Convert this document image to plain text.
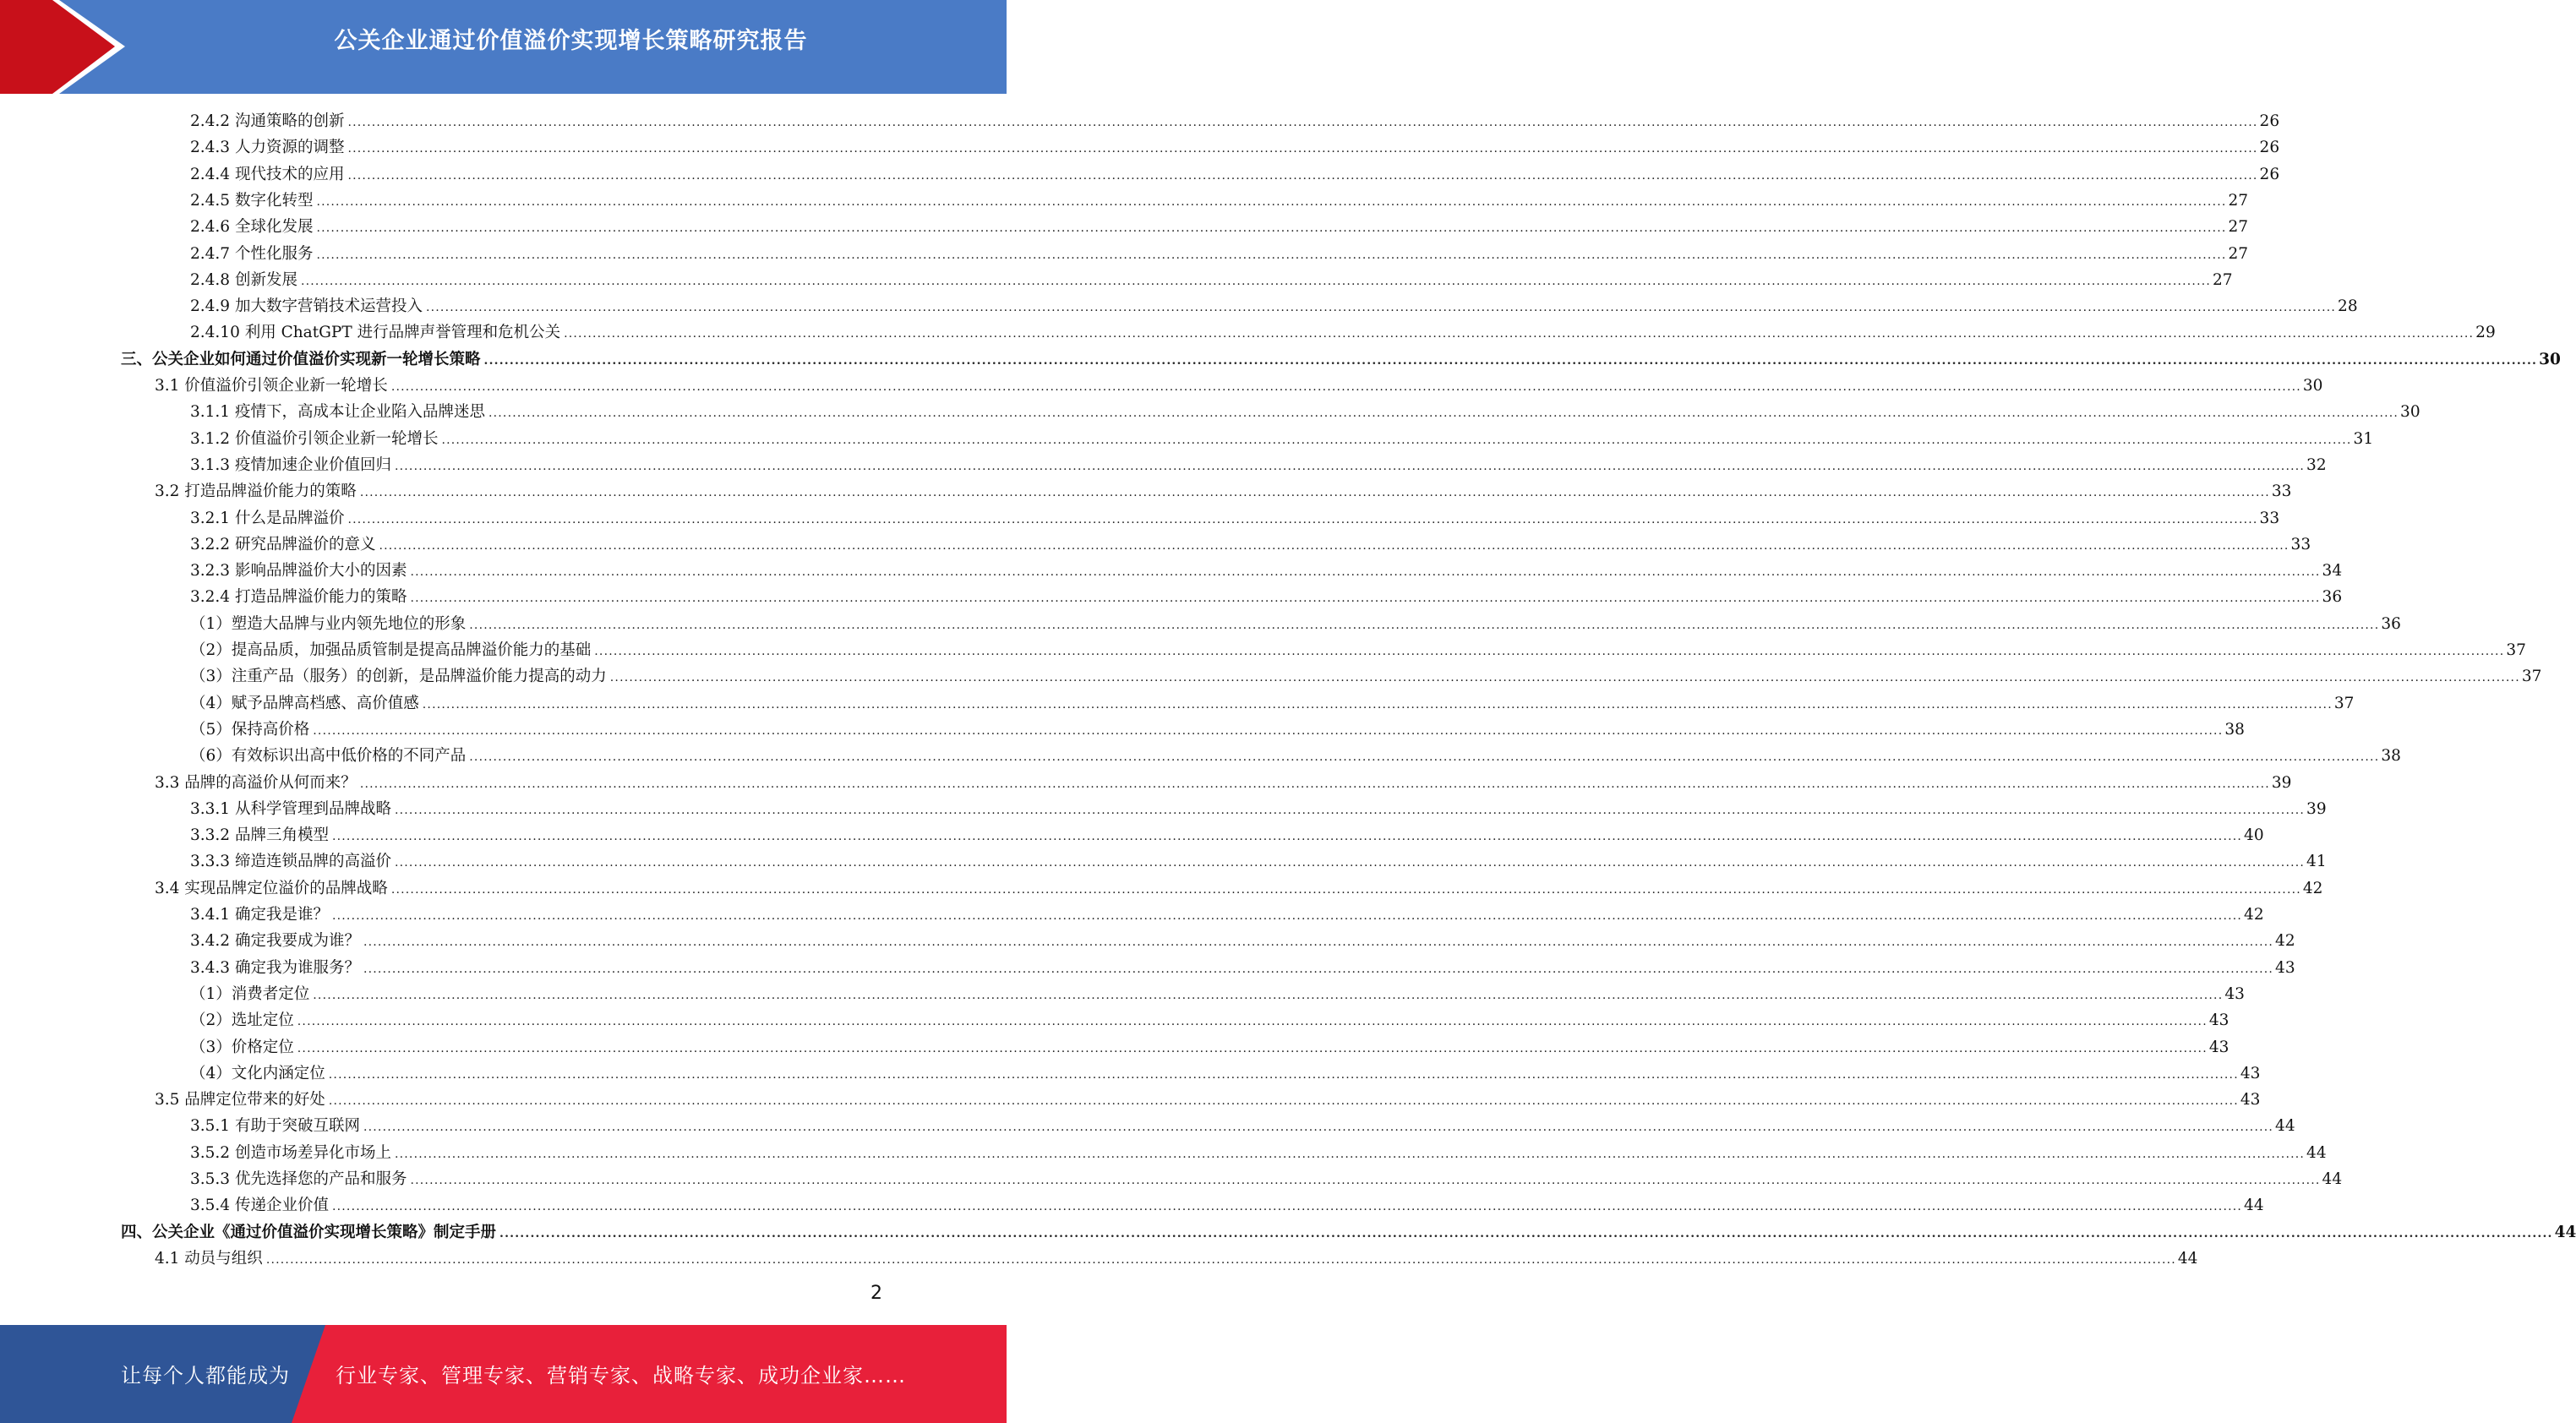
公关企业通过价值溢价实现增长策略研究报告
2.4.2 沟通策略的创新 ................................................................................................................................................................................................................................................................................................................................................................................................................ 26
2.4.3 人力资源的调整 ................................................................................................................................................................................................................................................................................................................................................................................................................ 26
2.4.4 现代技术的应用 ................................................................................................................................................................................................................................................................................................................................................................................................................ 26
2.4.5 数字化转型 ................................................................................................................................................................................................................................................................................................................................................................................................................ 27
2.4.6 全球化发展 ................................................................................................................................................................................................................................................................................................................................................................................................................ 27
2.4.7 个性化服务 ................................................................................................................................................................................................................................................................................................................................................................................................................ 27
2.4.8 创新发展 ................................................................................................................................................................................................................................................................................................................................................................................................................ 27
2.4.9 加大数字营销技术运营投入 ................................................................................................................................................................................................................................................................................................................................................................................................................ 28
2.4.10 利用 ChatGPT 进行品牌声誉管理和危机公关 ................................................................................................................................................................................................................................................................................................................................................................................................................ 29
三、公关企业如何通过价值溢价实现新一轮增长策略 ................................................................................................................................................................................................................................................................................................................................................................................................................ 30
3.1 价值溢价引领企业新一轮增长 ................................................................................................................................................................................................................................................................................................................................................................................................................ 30
3.1.1 疫情下，高成本让企业陷入品牌迷思 ................................................................................................................................................................................................................................................................................................................................................................................................................ 30
3.1.2 价值溢价引领企业新一轮增长 ................................................................................................................................................................................................................................................................................................................................................................................................................ 31
3.1.3 疫情加速企业价值回归 ................................................................................................................................................................................................................................................................................................................................................................................................................ 32
3.2 打造品牌溢价能力的策略 ................................................................................................................................................................................................................................................................................................................................................................................................................ 33
3.2.1 什么是品牌溢价 ................................................................................................................................................................................................................................................................................................................................................................................................................ 33
3.2.2 研究品牌溢价的意义 ................................................................................................................................................................................................................................................................................................................................................................................................................ 33
3.2.3 影响品牌溢价大小的因素 ................................................................................................................................................................................................................................................................................................................................................................................................................ 34
3.2.4 打造品牌溢价能力的策略 ................................................................................................................................................................................................................................................................................................................................................................................................................ 36
（1）塑造大品牌与业内领先地位的形象 ................................................................................................................................................................................................................................................................................................................................................................................................................ 36
（2）提高品质，加强品质管制是提高品牌溢价能力的基础 ................................................................................................................................................................................................................................................................................................................................................................................................................ 37
（3）注重产品（服务）的创新，是品牌溢价能力提高的动力 ................................................................................................................................................................................................................................................................................................................................................................................................................ 37
（4）赋予品牌高档感、高价值感 ................................................................................................................................................................................................................................................................................................................................................................................................................ 37
（5）保持高价格 ................................................................................................................................................................................................................................................................................................................................................................................................................ 38
（6）有效标识出高中低价格的不同产品 ................................................................................................................................................................................................................................................................................................................................................................................................................ 38
3.3 品牌的高溢价从何而来？ ................................................................................................................................................................................................................................................................................................................................................................................................................ 39
3.3.1 从科学管理到品牌战略 ................................................................................................................................................................................................................................................................................................................................................................................................................ 39
3.3.2 品牌三角模型 ................................................................................................................................................................................................................................................................................................................................................................................................................ 40
3.3.3 缔造连锁品牌的高溢价 ................................................................................................................................................................................................................................................................................................................................................................................................................ 41
3.4 实现品牌定位溢价的品牌战略 ................................................................................................................................................................................................................................................................................................................................................................................................................ 42
3.4.1 确定我是谁？ ................................................................................................................................................................................................................................................................................................................................................................................................................ 42
3.4.2 确定我要成为谁？ ................................................................................................................................................................................................................................................................................................................................................................................................................ 42
3.4.3 确定我为谁服务？ ................................................................................................................................................................................................................................................................................................................................................................................................................ 43
（1）消费者定位 ................................................................................................................................................................................................................................................................................................................................................................................................................ 43
（2）选址定位 ................................................................................................................................................................................................................................................................................................................................................................................................................ 43
（3）价格定位 ................................................................................................................................................................................................................................................................................................................................................................................................................ 43
（4）文化内涵定位 ................................................................................................................................................................................................................................................................................................................................................................................................................ 43
3.5 品牌定位带来的好处 ................................................................................................................................................................................................................................................................................................................................................................................................................ 43
3.5.1 有助于突破互联网 ................................................................................................................................................................................................................................................................................................................................................................................................................ 44
3.5.2 创造市场差异化市场上 ................................................................................................................................................................................................................................................................................................................................................................................................................ 44
3.5.3 优先选择您的产品和服务 ................................................................................................................................................................................................................................................................................................................................................................................................................ 44
3.5.4 传递企业价值 ................................................................................................................................................................................................................................................................................................................................................................................................................ 44
四、公关企业《通过价值溢价实现增长策略》制定手册 ................................................................................................................................................................................................................................................................................................................................................................................................................ 44
4.1 动员与组织 ................................................................................................................................................................................................................................................................................................................................................................................................................ 44
2
让每个人都能成为 行业专家、管理专家、营销专家、战略专家、成功企业家……
